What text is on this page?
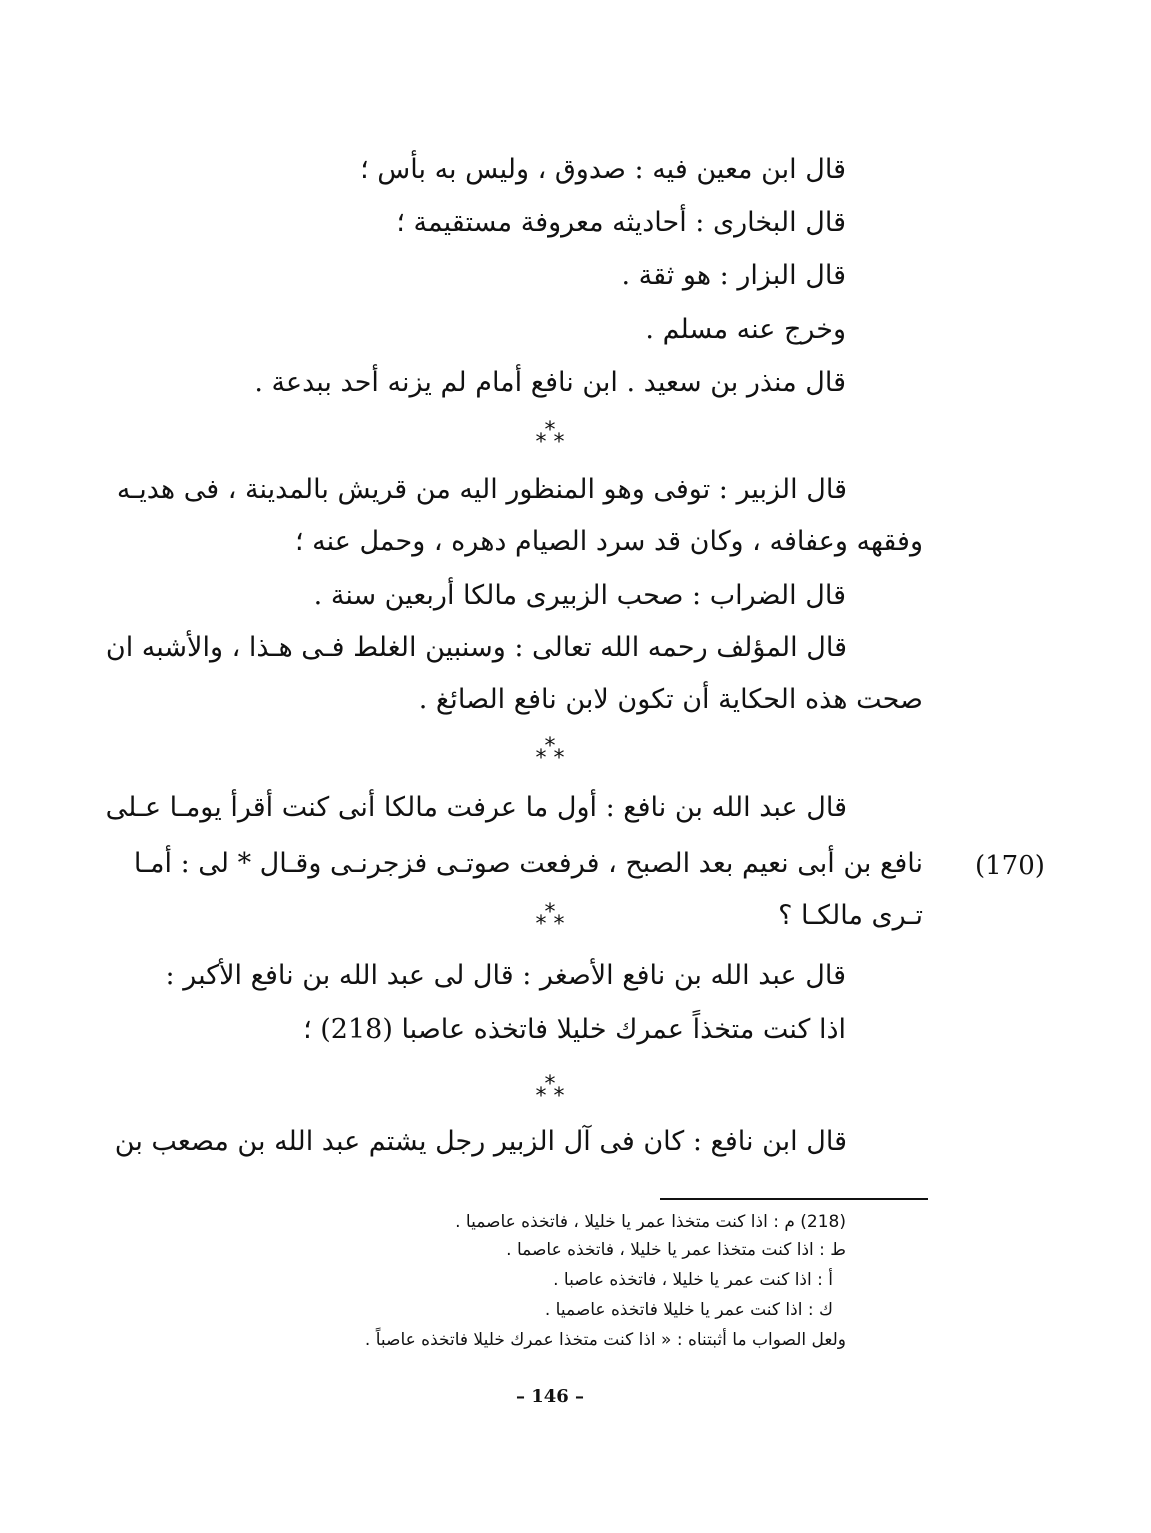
قال ابن معين فيه : صدوق ، وليس به بأس ؛
قال البخارى : أحاديثه معروفة مستقيمة ؛
قال البزار : هو ثقة .
وخرج عنه مسلم .
قال منذر بن سعيد . ابن نافع أمام لم يزنه أحد ببدعة .
*
* *
قال الزبير : توفى وهو المنظور اليه من قريش بالمدينة ، فى هديـه
وفقهه وعفافه ، وكان قد سرد الصيام دهره ، وحمل عنه ؛
قال الضراب : صحب الزبيرى مالكا أربعين سنة .
قال المؤلف رحمه الله تعالى : وسنبين الغلط فـى هـذا ، والأشبه ان
صحت هذه الحكاية أن تكون لابن نافع الصائغ .
*
* *
قال عبد الله بن نافع : أول ما عرفت مالكا أنى كنت أقرأ يومـا عـلى
نافع بن أبى نعيم بعد الصبح ، فرفعت صوتـى فزجرنـى وقـال * لى : أمـا (170)
تـرى مالكـا ؟
*
* *
قال عبد الله بن نافع الأصغر : قال لى عبد الله بن نافع الأكبر :
اذا كنت متخذاً عمرك خليلا فاتخذه عاصبا (218) ؛
*
* *
قال ابن نافع : كان فى آل الزبير رجل يشتم عبد الله بن مصعب بن
(218) م : اذا كنت متخذا عمر يا خليلا ، فاتخذه عاصميا .
ط : اذا كنت متخذا عمر يا خليلا ، فاتخذه عاصما .
أ : اذا كنت عمر يا خليلا ، فاتخذه عاصبا .
ك : اذا كنت عمر يا خليلا فاتخذه عاصميا .
ولعل الصواب ما أثبتناه : « اذا كنت متخذا عمرك خليلا فاتخذه عاصباً .
– 146 –
